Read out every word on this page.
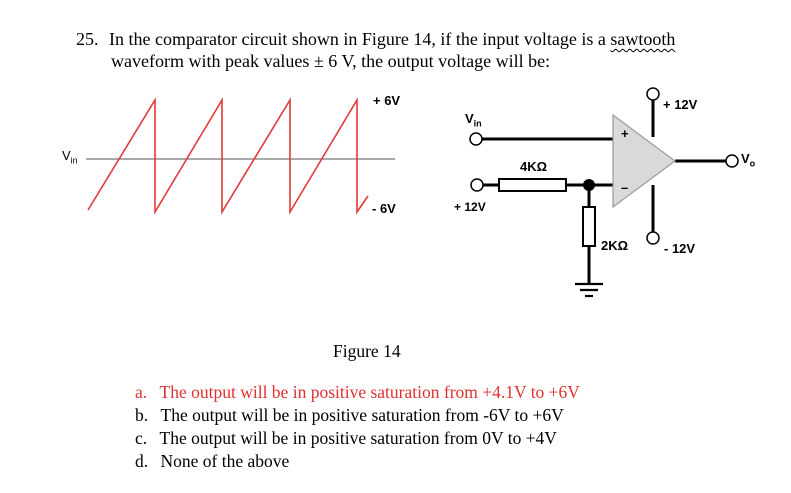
25. In the comparator circuit shown in Figure 14, if the input voltage is a sawtooth
waveform with peak values ± 6 V, the output voltage will be:
$V_{in}$
+ 6V
- 6V
$V_{in}$
4KΩ
+ 12V
2KΩ
+ 12V
- 12V
+
–
$V_o$
Figure 14
a. The output will be in positive saturation from +4.1V to +6V
b. The output will be in positive saturation from -6V to +6V
c. The output will be in positive saturation from 0V to +4V
d. None of the above
